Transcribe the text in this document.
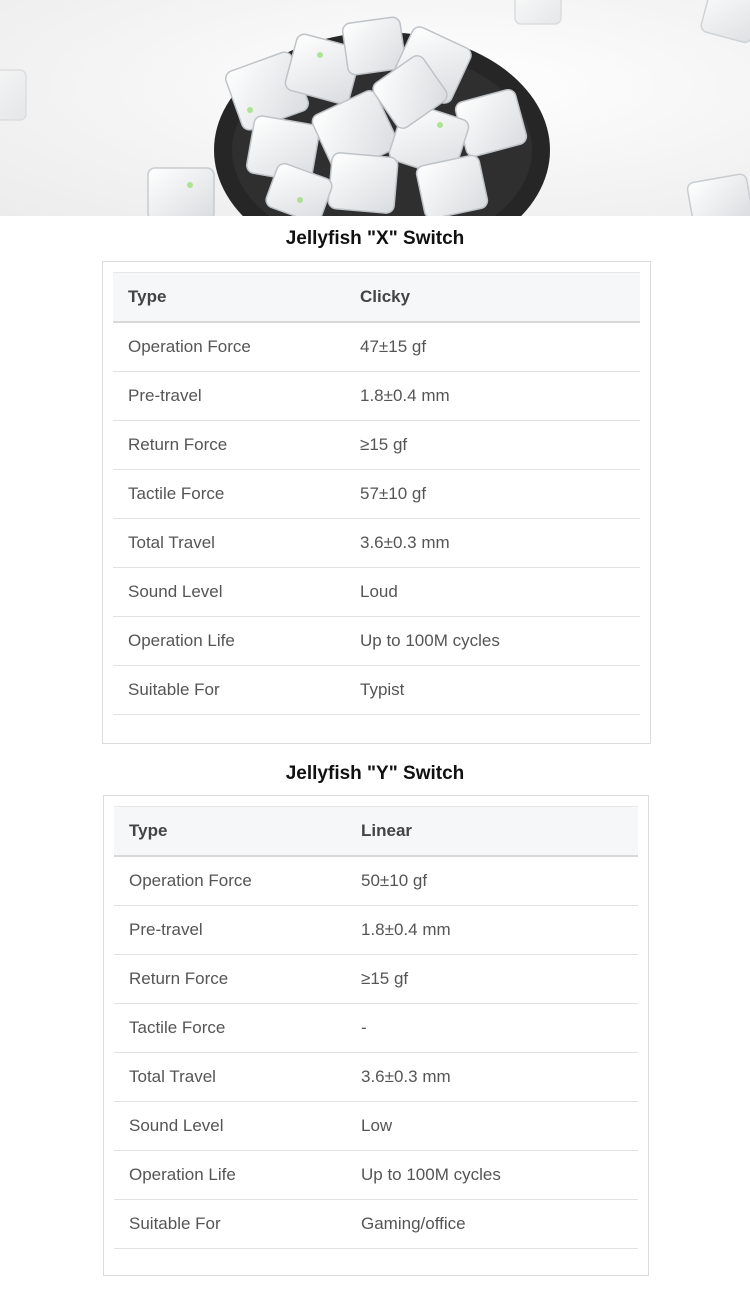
Jellyfish "X" Switch
Type	Clicky
Operation Force	47±15 gf
Pre-travel	1.8±0.4 mm
Return Force	≥15 gf
Tactile Force	57±10 gf
Total Travel	3.6±0.3 mm
Sound Level	Loud
Operation Life	Up to 100M cycles
Suitable For	Typist
Jellyfish "Y" Switch
Type	Linear
Operation Force	50±10 gf
Pre-travel	1.8±0.4 mm
Return Force	≥15 gf
Tactile Force	-
Total Travel	3.6±0.3 mm
Sound Level	Low
Operation Life	Up to 100M cycles
Suitable For	Gaming/office
